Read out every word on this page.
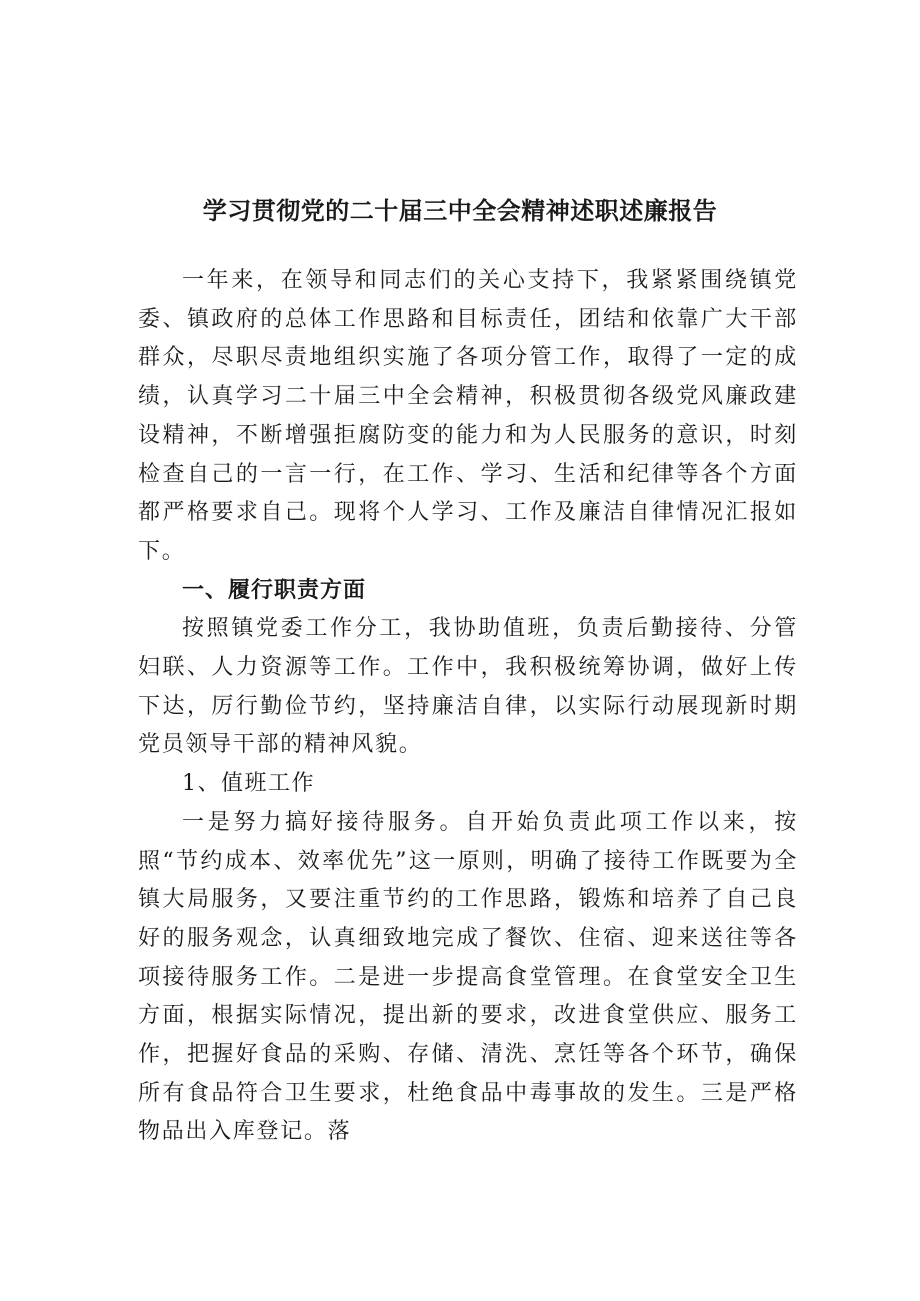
学习贯彻党的二十届三中全会精神述职述廉报告

一年来，在领导和同志们的关心支持下，我紧紧围绕镇党委、镇政府的总体工作思路和目标责任，团结和依靠广大干部群众，尽职尽责地组织实施了各项分管工作，取得了一定的成绩，认真学习二十届三中全会精神，积极贯彻各级党风廉政建设精神，不断增强拒腐防变的能力和为人民服务的意识，时刻检查自己的一言一行，在工作、学习、生活和纪律等各个方面都严格要求自己。现将个人学习、工作及廉洁自律情况汇报如下。

一、履行职责方面

按照镇党委工作分工，我协助值班，负责后勤接待、分管妇联、人力资源等工作。工作中，我积极统筹协调，做好上传下达，厉行勤俭节约，坚持廉洁自律，以实际行动展现新时期党员领导干部的精神风貌。

1、值班工作

一是努力搞好接待服务。自开始负责此项工作以来，按照“节约成本、效率优先”这一原则，明确了接待工作既要为全镇大局服务，又要注重节约的工作思路，锻炼和培养了自己良好的服务观念，认真细致地完成了餐饮、住宿、迎来送往等各项接待服务工作。二是进一步提高食堂管理。在食堂安全卫生方面，根据实际情况，提出新的要求，改进食堂供应、服务工作，把握好食品的采购、存储、清洗、烹饪等各个环节，确保所有食品符合卫生要求，杜绝食品中毒事故的发生。三是严格物品出入库登记。落
